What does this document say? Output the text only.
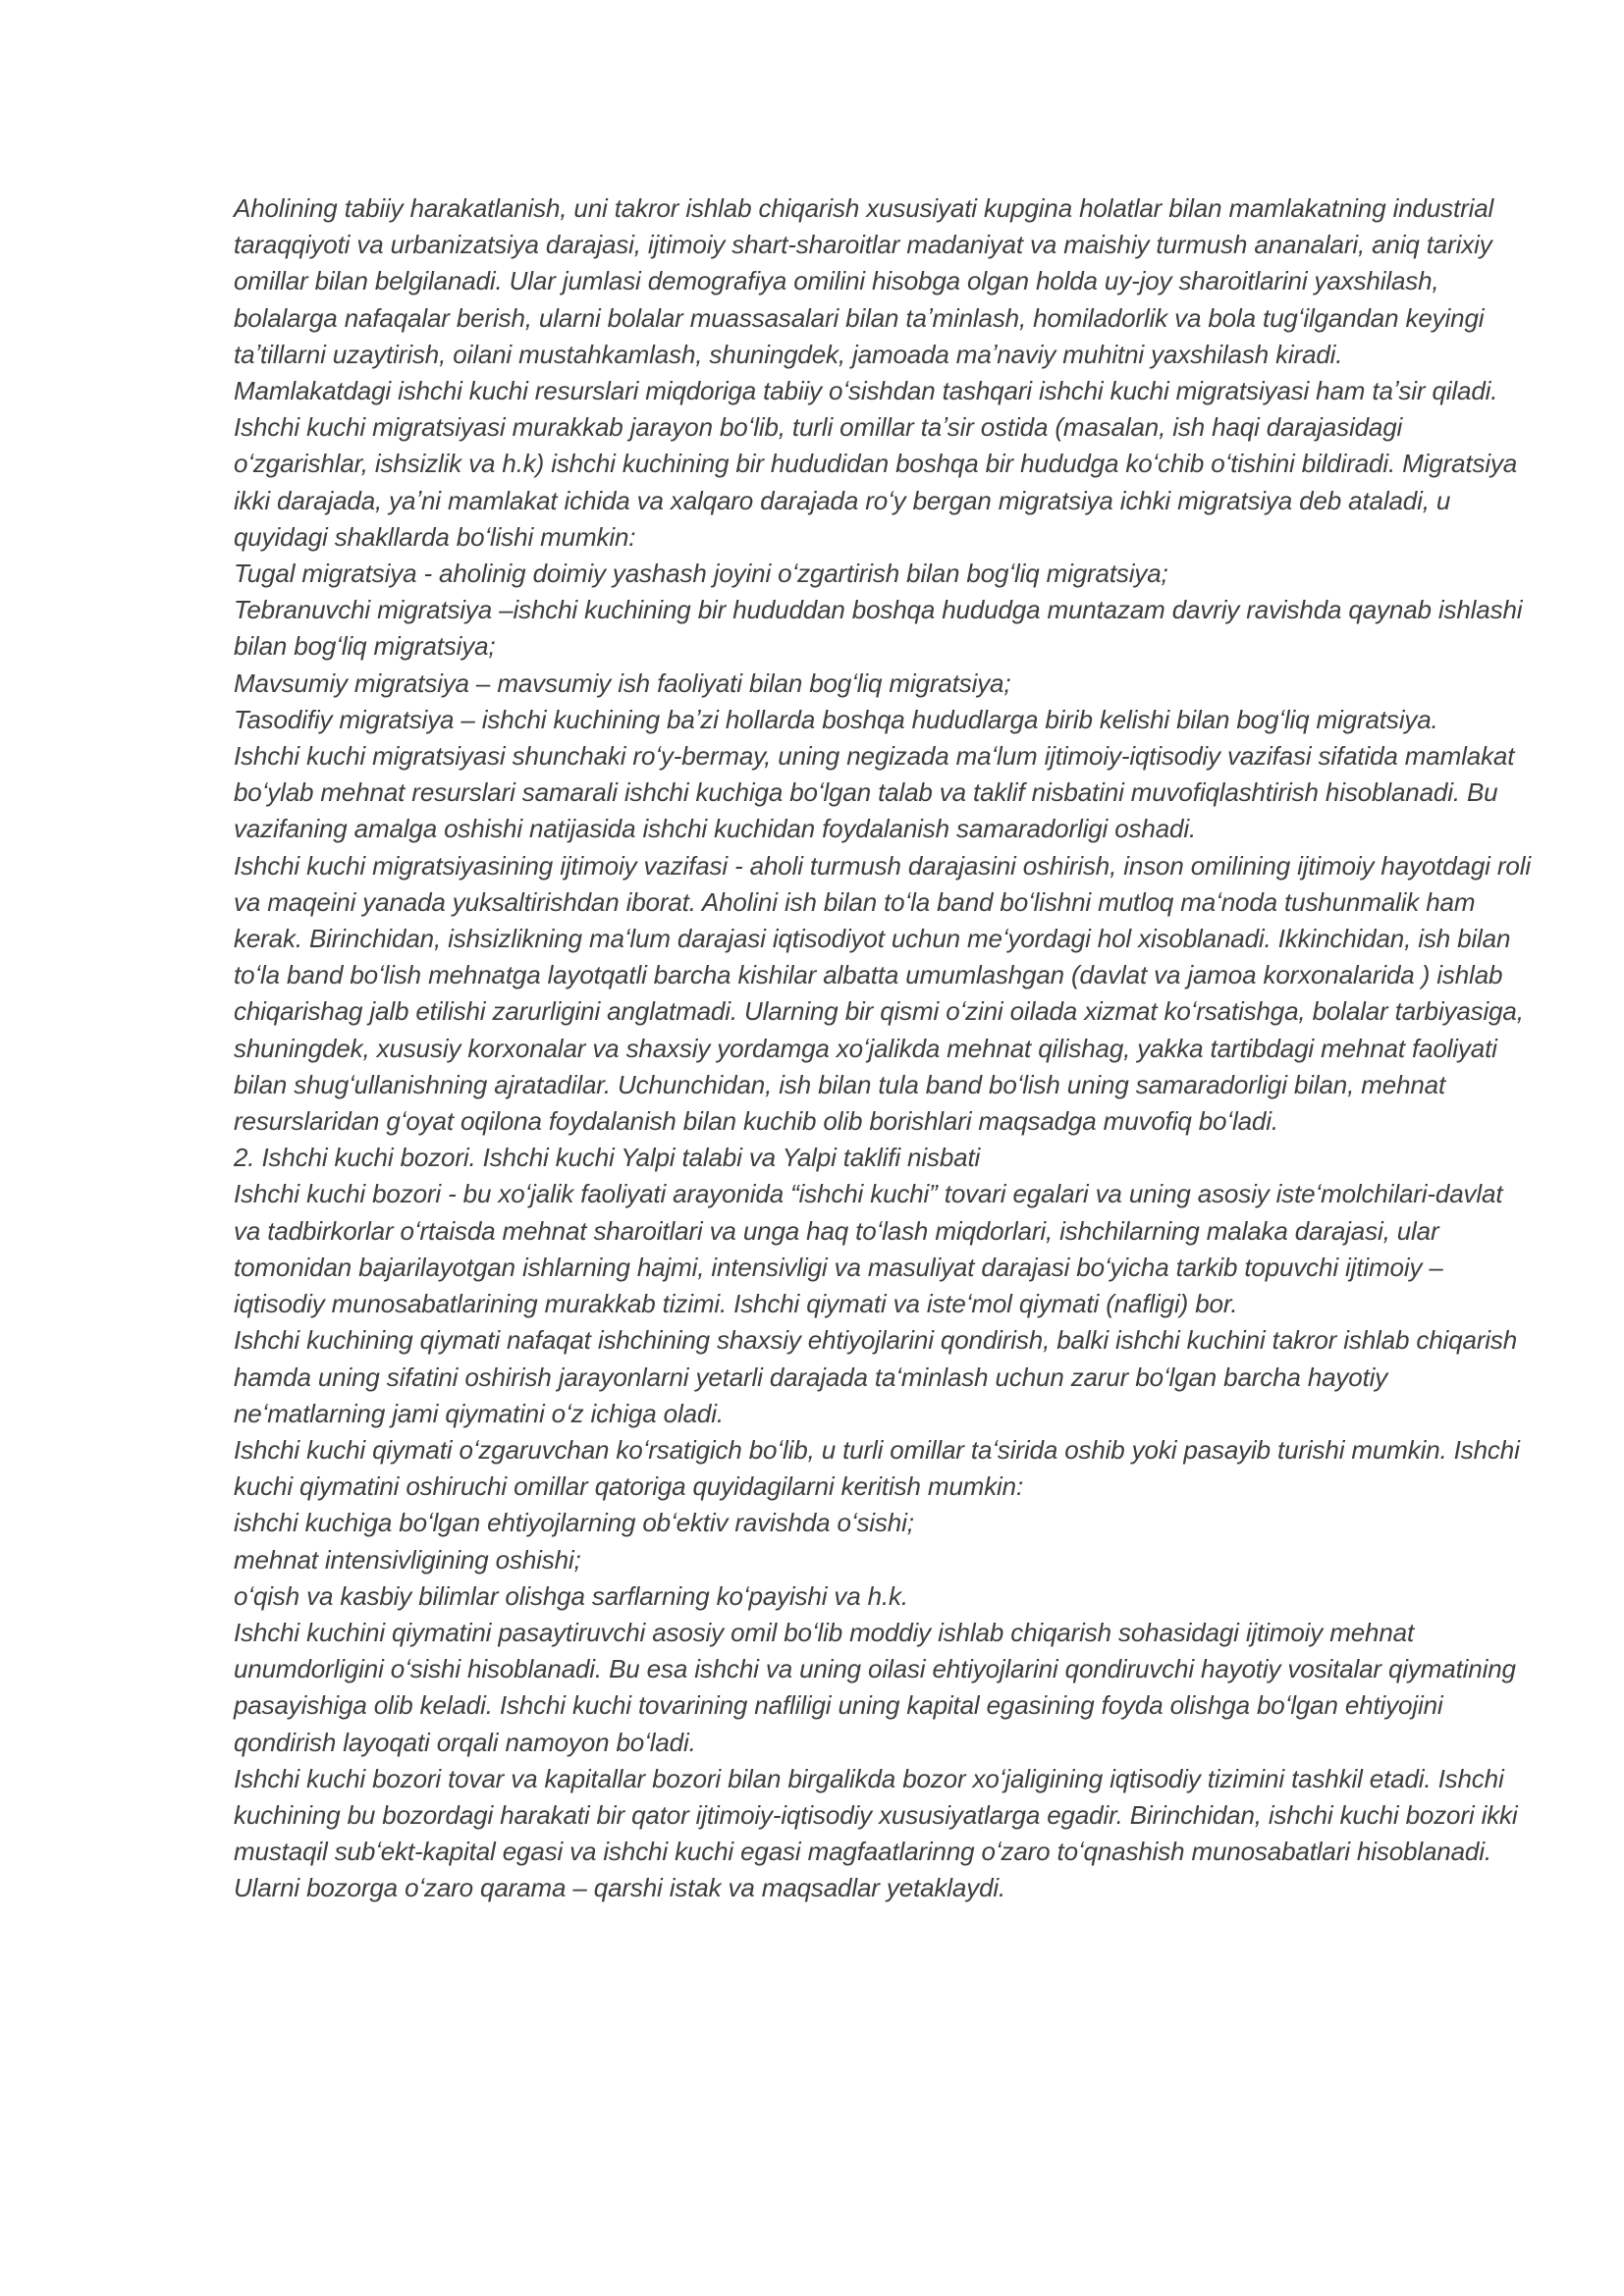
Aholining tabiiy harakatlanish, uni takror ishlab chiqarish xususiyati kupgina holatlar bilan mamlakatning industrial taraqqiyoti va urbanizatsiya darajasi, ijtimoiy shart-sharoitlar madaniyat va maishiy turmush ananalari, aniq tarixiy omillar bilan belgilanadi. Ular jumlasi demografiya omilini hisobga olgan holda uy-joy sharoitlarini yaxshilash, bolalarga nafaqalar berish, ularni bolalar muassasalari bilan taʼminlash, homiladorlik va bola tugʻilgandan keyingi taʼtillarni uzaytirish, oilani mustahkamlash, shuningdek, jamoada maʼnaviy muhitni yaxshilash kiradi.

Mamlakatdagi ishchi kuchi resurslari miqdoriga tabiiy oʻsishdan tashqari ishchi kuchi migratsiyasi ham taʼsir qiladi. Ishchi kuchi migratsiyasi murakkab jarayon boʻlib, turli omillar taʼsir ostida (masalan, ish haqi darajasidagi oʻzgarishlar, ishsizlik va h.k) ishchi kuchining bir hududidan boshqa bir hududga koʻchib oʻtishini bildiradi. Migratsiya ikki darajada, yaʼni mamlakat ichida va xalqaro darajada roʻy bergan migratsiya ichki migratsiya deb ataladi, u quyidagi shakllarda boʻlishi mumkin:

Tugal migratsiya - aholinig doimiy yashash joyini oʻzgartirish bilan bogʻliq migratsiya;

Tebranuvchi migratsiya –ishchi kuchining bir hududdan boshqa hududga muntazam davriy ravishda qaynab ishlashi bilan bogʻliq migratsiya;

Mavsumiy migratsiya – mavsumiy ish faoliyati bilan bogʻliq migratsiya;

Tasodifiy migratsiya – ishchi kuchining baʼzi hollarda boshqa hududlarga birib kelishi bilan bogʻliq migratsiya.

Ishchi kuchi migratsiyasi shunchaki roʻy-bermay, uning negizada maʻlum ijtimoiy-iqtisodiy vazifasi sifatida mamlakat boʻylab mehnat resurslari samarali ishchi kuchiga boʻlgan talab va taklif nisbatini muvofiqlashtirish hisoblanadi. Bu vazifaning amalga oshishi natijasida ishchi kuchidan foydalanish samaradorligi oshadi.

Ishchi kuchi migratsiyasining ijtimoiy vazifasi - aholi turmush darajasini oshirish, inson omilining ijtimoiy hayotdagi roli va maqeini yanada yuksaltirishdan iborat. Aholini ish bilan toʻla band boʻlishni mutloq maʻnoda tushunmalik ham kerak. Birinchidan, ishsizlikning maʻlum darajasi iqtisodiyot uchun meʻyordagi hol xisoblanadi. Ikkinchidan, ish bilan toʻla band boʻlish mehnatga layotqatli barcha kishilar albatta umumlashgan (davlat va jamoa korxonalarida ) ishlab chiqarishag jalb etilishi zarurligini anglatmadi. Ularning bir qismi oʻzini oilada xizmat koʻrsatishga, bolalar tarbiyasiga, shuningdek, xususiy korxonalar va shaxsiy yordamga xoʻjalikda mehnat qilishag, yakka tartibdagi mehnat faoliyati bilan shugʻullanishning ajratadilar. Uchunchidan, ish bilan tula band boʻlish uning samaradorligi bilan, mehnat resurslaridan gʻoyat oqilona foydalanish bilan kuchib olib borishlari maqsadga muvofiq boʻladi.

2. Ishchi kuchi bozori. Ishchi kuchi Yalpi talabi va Yalpi taklifi nisbati

Ishchi kuchi bozori - bu xoʻjalik faoliyati arayonida “ishchi kuchi” tovari egalari va uning asosiy isteʻmolchilari-davlat va tadbirkorlar oʻrtaisda mehnat sharoitlari va unga haq toʻlash miqdorlari, ishchilarning malaka darajasi, ular tomonidan bajarilayotgan ishlarning hajmi, intensivligi va masuliyat darajasi boʻyicha tarkib topuvchi ijtimoiy –iqtisodiy munosabatlarining murakkab tizimi. Ishchi qiymati va isteʻmol qiymati (nafligi) bor.

Ishchi kuchining qiymati nafaqat ishchining shaxsiy ehtiyojlarini qondirish, balki ishchi kuchini takror ishlab chiqarish hamda uning sifatini oshirish jarayonlarni yetarli darajada taʻminlash uchun zarur boʻlgan barcha hayotiy neʻmatlarning jami qiymatini oʻz ichiga oladi.

Ishchi kuchi qiymati oʻzgaruvchan koʻrsatigich boʻlib, u turli omillar taʻsirida oshib yoki pasayib turishi mumkin. Ishchi kuchi qiymatini oshiruchi omillar qatoriga quyidagilarni keritish mumkin:

ishchi kuchiga boʻlgan ehtiyojlarning obʻektiv ravishda oʻsishi;

mehnat intensivligining oshishi;

oʻqish va kasbiy bilimlar olishga sarflarning koʻpayishi va h.k.

Ishchi kuchini qiymatini pasaytiruvchi asosiy omil boʻlib moddiy ishlab chiqarish sohasidagi ijtimoiy mehnat unumdorligini oʻsishi hisoblanadi. Bu esa ishchi va uning oilasi ehtiyojlarini qondiruvchi hayotiy vositalar qiymatining pasayishiga olib keladi. Ishchi kuchi tovarining nafliligi uning kapital egasining foyda olishga boʻlgan ehtiyojini qondirish layoqati orqali namoyon boʻladi.

Ishchi kuchi bozori tovar va kapitallar bozori bilan birgalikda bozor xoʻjaligining iqtisodiy tizimini tashkil etadi. Ishchi kuchining bu bozordagi harakati bir qator ijtimoiy-iqtisodiy xususiyatlarga egadir. Birinchidan, ishchi kuchi bozori ikki mustaqil subʻekt-kapital egasi va ishchi kuchi egasi magfaatlarinng oʻzaro toʻqnashish munosabatlari hisoblanadi. Ularni bozorga oʻzaro qarama – qarshi istak va maqsadlar yetaklaydi.
